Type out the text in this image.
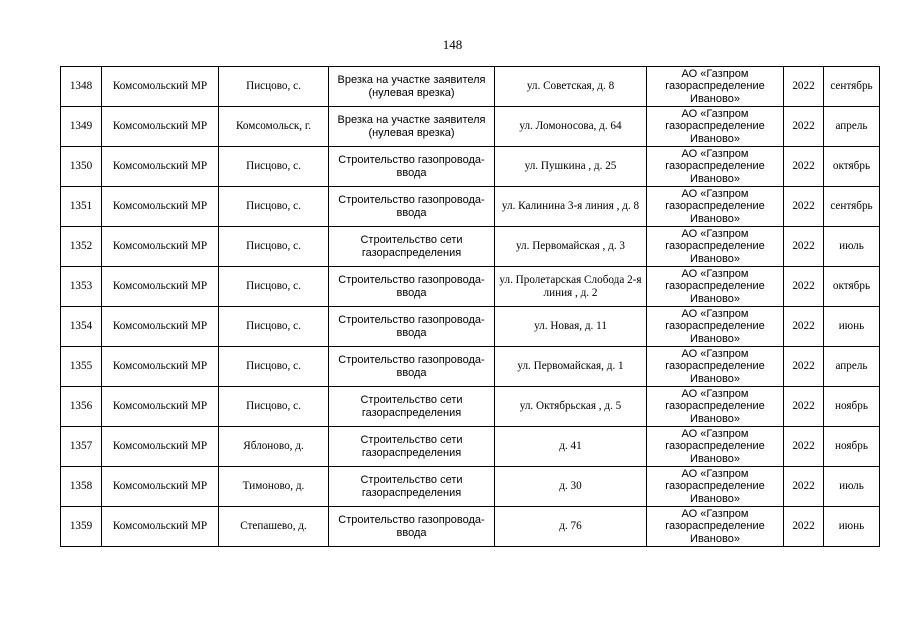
148
1348	Комсомольский МР	Писцово, с.	Врезка на участке заявителя (нулевая врезка)	ул. Советская, д. 8	АО «Газпром газораспределение Иваново»	2022	сентябрь
1349	Комсомольский МР	Комсомольск, г.	Врезка на участке заявителя (нулевая врезка)	ул. Ломоносова, д. 64	АО «Газпром газораспределение Иваново»	2022	апрель
1350	Комсомольский МР	Писцово, с.	Строительство газопровода-ввода	ул. Пушкина , д. 25	АО «Газпром газораспределение Иваново»	2022	октябрь
1351	Комсомольский МР	Писцово, с.	Строительство газопровода-ввода	ул. Калинина 3-я линия , д. 8	АО «Газпром газораспределение Иваново»	2022	сентябрь
1352	Комсомольский МР	Писцово, с.	Строительство сети газораспределения	ул. Первомайская , д. 3	АО «Газпром газораспределение Иваново»	2022	июль
1353	Комсомольский МР	Писцово, с.	Строительство газопровода-ввода	ул. Пролетарская Слобода 2-я линия , д. 2	АО «Газпром газораспределение Иваново»	2022	октябрь
1354	Комсомольский МР	Писцово, с.	Строительство газопровода-ввода	ул. Новая, д. 11	АО «Газпром газораспределение Иваново»	2022	июнь
1355	Комсомольский МР	Писцово, с.	Строительство газопровода-ввода	ул. Первомайская, д. 1	АО «Газпром газораспределение Иваново»	2022	апрель
1356	Комсомольский МР	Писцово, с.	Строительство сети газораспределения	ул. Октябрьская , д. 5	АО «Газпром газораспределение Иваново»	2022	ноябрь
1357	Комсомольский МР	Яблоново, д.	Строительство сети газораспределения	д. 41	АО «Газпром газораспределение Иваново»	2022	ноябрь
1358	Комсомольский МР	Тимоново, д.	Строительство сети газораспределения	д. 30	АО «Газпром газораспределение Иваново»	2022	июль
1359	Комсомольский МР	Степашево, д.	Строительство газопровода-ввода	д. 76	АО «Газпром газораспределение Иваново»	2022	июнь
